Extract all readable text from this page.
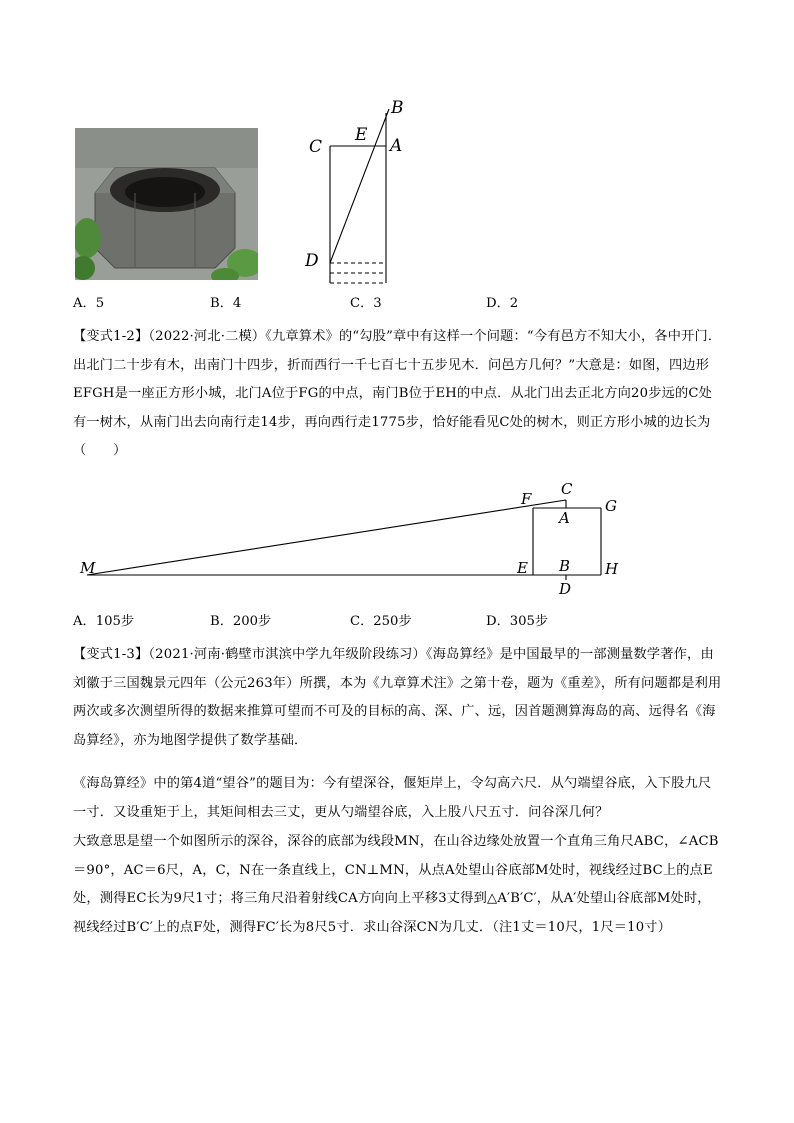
B
C
E
A
D
A．5	B．4	C．3	D．2
【变式1-2】（2022·河北·二模）《九章算术》的“勾股”章中有这样一个问题：“今有邑方不知大小，各中开门．出北门二十步有木，出南门十四步，折而西行一千七百七十五步见木．问邑方几何？”大意是：如图，四边形EFGH是一座正方形小城，北门A位于FG的中点，南门B位于EH的中点．从北门出去正北方向20步远的C处有一树木，从南门出去向南行走14步，再向西行走1775步，恰好能看见C处的树木，则正方形小城的边长为（　　）
F
C
G
A
M	E B H
D
A．105步	B．200步	C．250步	D．305步
【变式1-3】（2021·河南·鹤壁市淇滨中学九年级阶段练习）《海岛算经》是中国最早的一部测量数学著作，由刘徽于三国魏景元四年（公元263年）所撰，本为《九章算术注》之第十卷，题为《重差》，所有问题都是利用两次或多次测望所得的数据来推算可望而不可及的目标的高、深、广、远，因首题测算海岛的高、远得名《海岛算经》，亦为地图学提供了数学基础．
《海岛算经》中的第4道“望谷”的题目为：今有望深谷，偃矩岸上，令勾高六尺．从勺端望谷底，入下股九尺一寸．又设重矩于上，其矩间相去三丈，更从勺端望谷底，入上股八尺五寸．问谷深几何？
大致意思是望一个如图所示的深谷，深谷的底部为线段MN，在山谷边缘处放置一个直角三角尺ABC，∠ACB＝90°，AC＝6尺，A，C，N在一条直线上，CN⊥MN，从点A处望山谷底部M处时，视线经过BC上的点E处，测得EC长为9尺1寸；将三角尺沿着射线CA方向向上平移3丈得到△A′B′C′，从A′处望山谷底部M处时，视线经过B′C′上的点F处，测得FC′长为8尺5寸．求山谷深CN为几丈．（注1丈＝10尺，1尺＝10寸）
